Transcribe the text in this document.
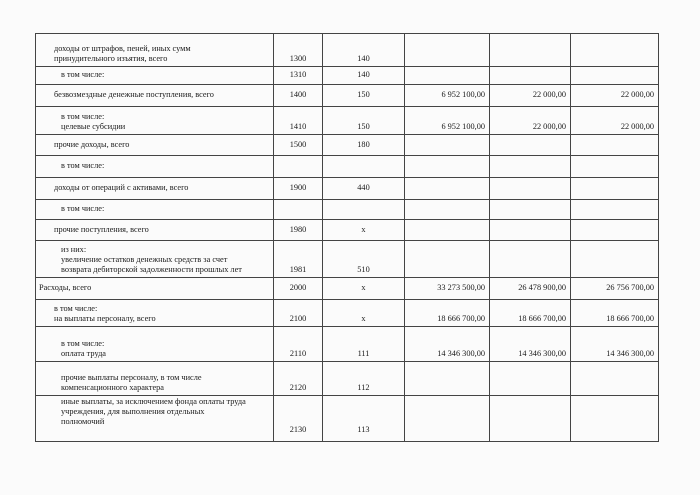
доходы от штрафов, пеней, иных сумм
принудительного изъятия, всего	1300	140			

в том числе:	1310	140			

безвозмездные денежные поступления, всего	1400	150	6 952 100,00	22 000,00	22 000,00

в том числе:
целевые субсидии	1410	150	6 952 100,00	22 000,00	22 000,00

прочие доходы, всего	1500	180			

в том числе:					

доходы от операций с активами, всего	1900	440			

в том числе:					

прочие поступления, всего	1980	x			

из них:
увеличение остатков денежных средств за счет
возврата дебиторской задолженности прошлых лет	1981	510			

Расходы, всего	2000	x	33 273 500,00	26 478 900,00	26 756 700,00

в том числе:
на выплаты персоналу, всего	2100	x	18 666 700,00	18 666 700,00	18 666 700,00

в том числе:
оплата труда	2110	111	14 346 300,00	14 346 300,00	14 346 300,00

прочие выплаты персоналу, в том числе
компенсационного характера	2120	112			

иные выплаты, за исключением фонда оплаты труда
учреждения, для выполнения отдельных
полномочий	2130	113			
